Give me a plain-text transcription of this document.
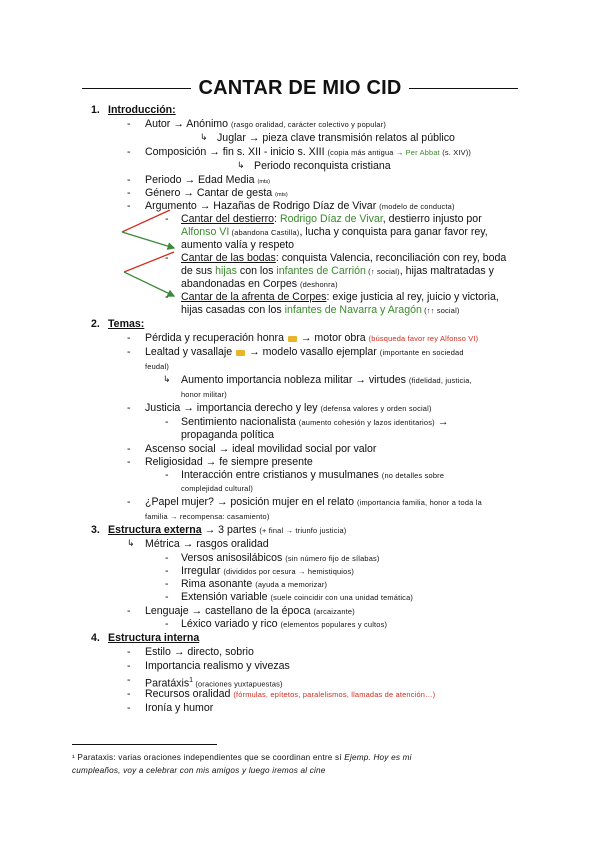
CANTAR DE MIO CID
1. Introducción:
- Autor → Anónimo (rasgo oralidad, carácter colectivo y popular)
↳ Juglar → pieza clave transmisión relatos al público
- Composición → fin s. XII - inicio s. XIII (copia más antigua → Per Abbat (s. XIV))
↳ Periodo reconquista cristiana
- Periodo → Edad Media (mts)
- Género → Cantar de gesta (mts)
- Argumento → Hazañas de Rodrigo Díaz de Vivar (modelo de conducta)
- Cantar del destierro: Rodrigo Díaz de Vivar, destierro injusto por
Alfonso VI (abandona Castilla), lucha y conquista para ganar favor rey,
aumento valía y respeto
- Cantar de las bodas: conquista Valencia, reconciliación con rey, boda
de sus hijas con los infantes de Carrión (↑ social), hijas maltratadas y
abandonadas en Corpes (deshonra)
- Cantar de la afrenta de Corpes: exige justicia al rey, juicio y victoria,
hijas casadas con los infantes de Navarra y Aragón (↑↑ social)
2. Temas:
- Pérdida y recuperación honra  → motor obra (búsqueda favor rey Alfonso VI)
- Lealtad y vasallaje  → modelo vasallo ejemplar (importante en sociedad
feudal)
↳ Aumento importancia nobleza militar → virtudes (fidelidad, justicia,
honor militar)
- Justicia → importancia derecho y ley (defensa valores y orden social)
- Sentimiento nacionalista (aumento cohesión y lazos identitarios) →
propaganda política
- Ascenso social → ideal movilidad social por valor
- Religiosidad → fe siempre presente
- Interacción entre cristianos y musulmanes (no detalles sobre
complejidad cultural)
- ¿Papel mujer? → posición mujer en el relato (importancia familia, honor a toda la
familia → recompensa: casamiento)
3. Estructura externa → 3 partes (+ final → triunfo justicia)
↳ Métrica → rasgos oralidad
- Versos anisosilábicos (sin número fijo de sílabas)
- Irregular (divididos por cesura → hemistiquios)
- Rima asonante (ayuda a memorizar)
- Extensión variable (suele coincidir con una unidad temática)
- Lenguaje → castellano de la época (arcaizante)
- Léxico variado y rico (elementos populares y cultos)
4. Estructura interna
- Estilo → directo, sobrio
- Importancia realismo y vivezas
- Paratáxis$^1$ (oraciones yuxtapuestas)
- Recursos oralidad (fórmulas, epítetos, paralelismos, llamadas de atención…)
- Ironía y humor
¹ Parataxis: varias oraciones independientes que se coordinan entre sí Ejemp. Hoy es mi
cumpleaños, voy a celebrar con mis amigos y luego iremos al cine
